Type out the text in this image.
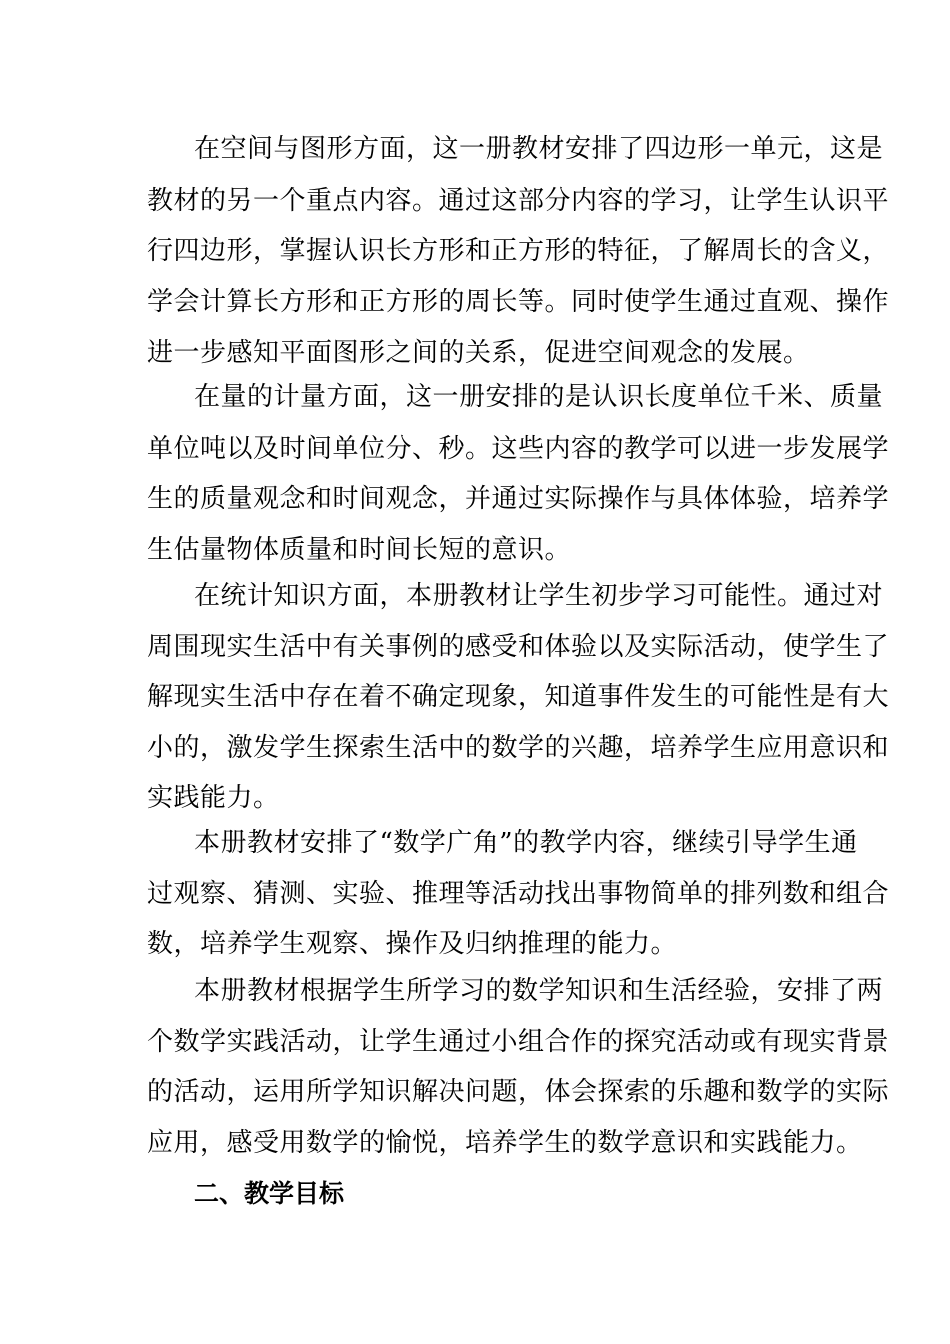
在空间与图形方面，这一册教材安排了四边形一单元，这是
教材的另一个重点内容。通过这部分内容的学习，让学生认识平
行四边形，掌握认识长方形和正方形的特征，了解周长的含义，
学会计算长方形和正方形的周长等。同时使学生通过直观、操作
进一步感知平面图形之间的关系，促进空间观念的发展。
在量的计量方面，这一册安排的是认识长度单位千米、质量
单位吨以及时间单位分、秒。这些内容的教学可以进一步发展学
生的质量观念和时间观念，并通过实际操作与具体体验，培养学
生估量物体质量和时间长短的意识。
在统计知识方面，本册教材让学生初步学习可能性。通过对
周围现实生活中有关事例的感受和体验以及实际活动，使学生了
解现实生活中存在着不确定现象，知道事件发生的可能性是有大
小的，激发学生探索生活中的数学的兴趣，培养学生应用意识和
实践能力。
本册教材安排了“数学广角”的教学内容，继续引导学生通
过观察、猜测、实验、推理等活动找出事物简单的排列数和组合
数，培养学生观察、操作及归纳推理的能力。
本册教材根据学生所学习的数学知识和生活经验，安排了两
个数学实践活动，让学生通过小组合作的探究活动或有现实背景
的活动，运用所学知识解决问题，体会探索的乐趣和数学的实际
应用，感受用数学的愉悦，培养学生的数学意识和实践能力。
二、教学目标
